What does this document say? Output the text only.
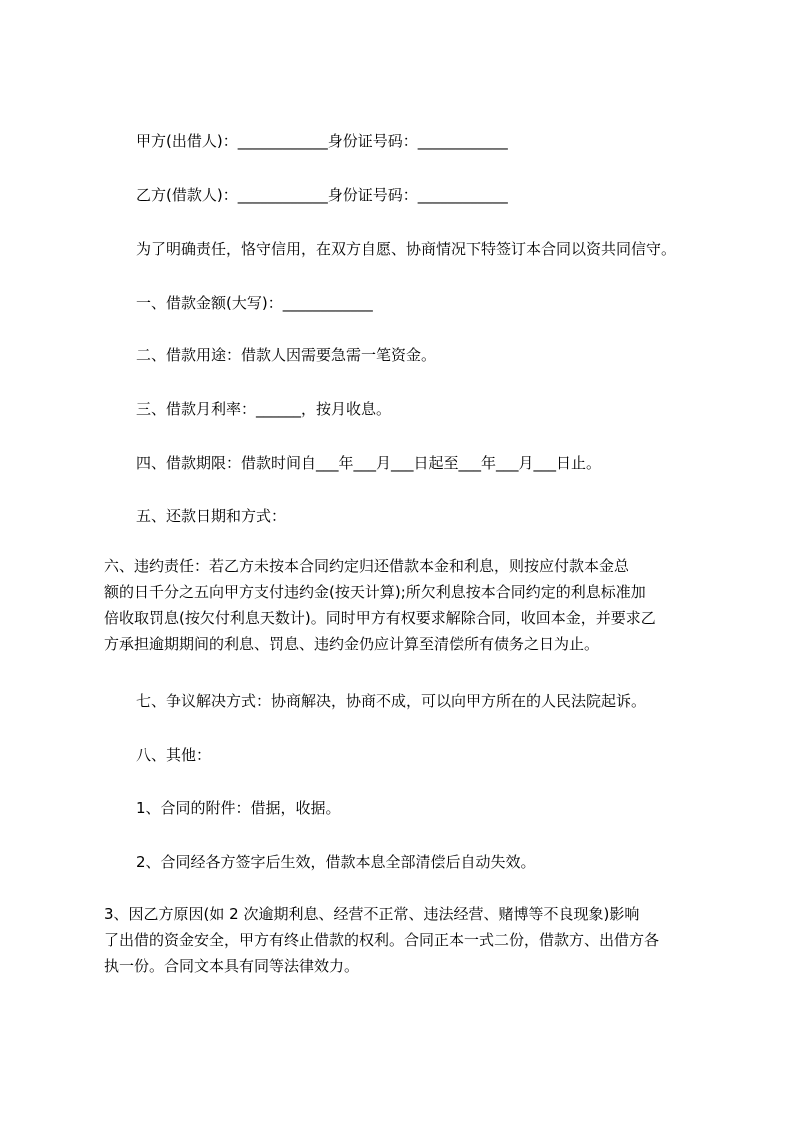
甲方(出借人)：____________身份证号码：____________
乙方(借款人)：____________身份证号码：____________
为了明确责任，恪守信用，在双方自愿、协商情况下特签订本合同以资共同信守。
一、借款金额(大写)：____________
二、借款用途：借款人因需要急需一笔资金。
三、借款月利率：______，按月收息。
四、借款期限：借款时间自___年___月___日起至___年___月___日止。
五、还款日期和方式：
六、违约责任：若乙方未按本合同约定归还借款本金和利息，则按应付款本金总
额的日千分之五向甲方支付违约金(按天计算);所欠利息按本合同约定的利息标准加
倍收取罚息(按欠付利息天数计)。同时甲方有权要求解除合同，收回本金，并要求乙
方承担逾期期间的利息、罚息、违约金仍应计算至清偿所有债务之日为止。
七、争议解决方式：协商解决，协商不成，可以向甲方所在的人民法院起诉。
八、其他：
1、合同的附件：借据，收据。
2、合同经各方签字后生效，借款本息全部清偿后自动失效。
3、因乙方原因(如 2 次逾期利息、经营不正常、违法经营、赌博等不良现象)影响
了出借的资金安全，甲方有终止借款的权利。合同正本一式二份，借款方、出借方各
执一份。合同文本具有同等法律效力。
